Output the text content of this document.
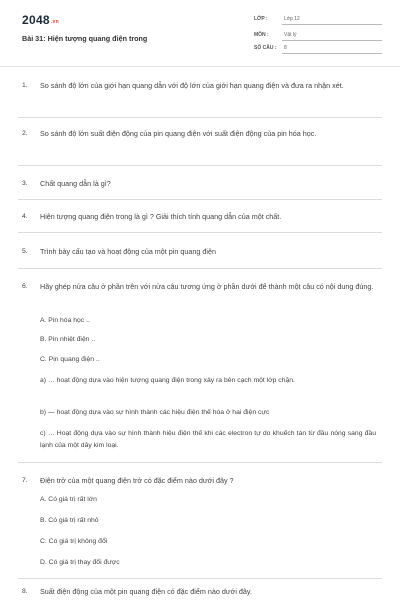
$2048^{.vn}$
Bài 31: Hiện tượng quang điện trong
LỚP :	Lớp 12
MÔN :	Vật lý
SỐ CÂU : 8
1. So sánh độ lớn của giới hạn quang dẫn với độ lớn của giới hạn quang điện và đưa ra nhận xét.
2. So sánh độ lớn suất điện động của pin quang điện với suất điện động của pin hóa học.
3. Chất quang dẫn là gì?
4. Hiện tượng quang điện trong là gì ? Giải thích tính quang dẫn của một chất.
5. Trình bày cấu tạo và hoạt động của một pin quang điện
6. Hãy ghép nửa câu ở phần trên với nửa câu tương ứng ở phần dưới để thành một câu có nội dung đúng.
A. Pin hóa học ..
B. Pin nhiệt điện ..
C. Pin quang điện ..
a) … hoạt động dựa vào hiện tượng quang điện trong xảy ra bên cạch một lớp chặn.
b) — hoạt động dựa vào sự hình thành các hiệu điện thế hóa ở hai điện cực
c) … Hoạt động dựa vào sự hình thành hiệu điện thế khi các electron tự do khuếch tán từ đầu nóng sang đầu lạnh của một dây kim loại.
7. Điện trở của một quang điện trở có đặc điểm nào dưới đây ?
A. Có giá trị rất lớn
B. Có giá trị rất nhỏ
C. Có giá trị không đổi
D. Có giá trị thay đổi được
8. Suất điện động của một pin quang điện có đặc điểm nào dưới đây.
